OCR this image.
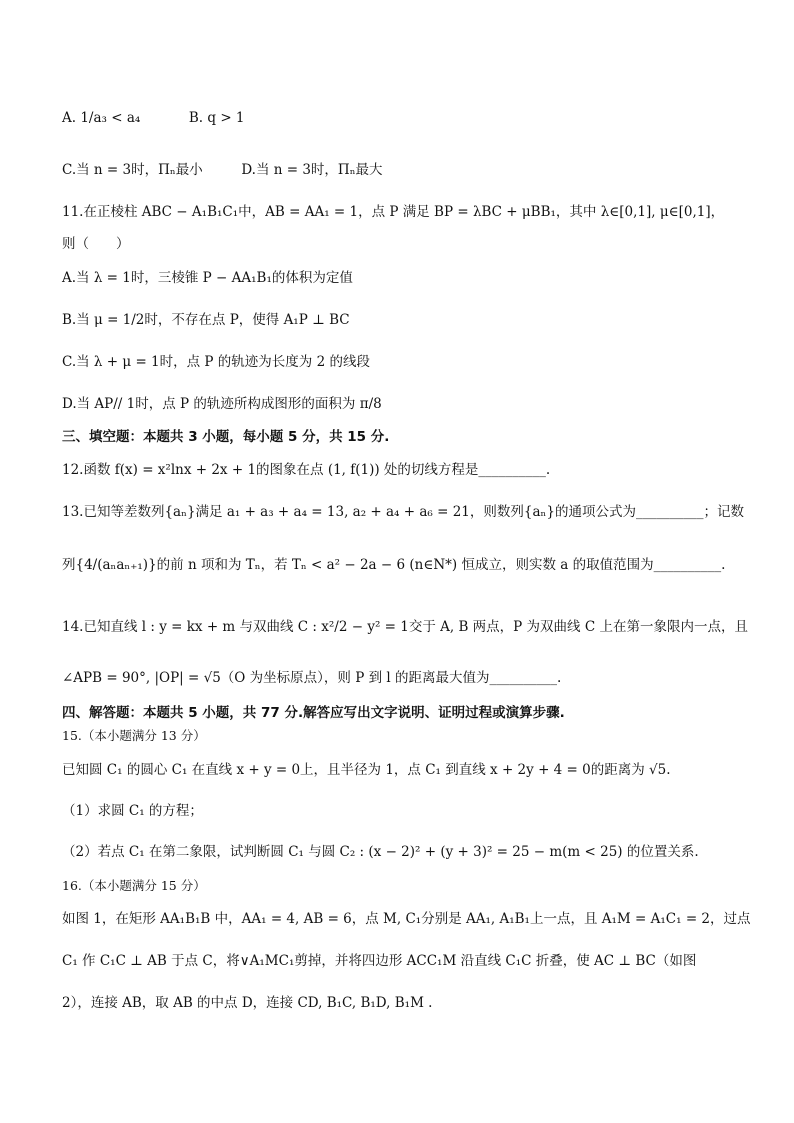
A. 1/a₃ < a₄	B. q > 1
C.当 n = 3时，Πₙ最小	D.当 n = 3时，Πₙ最大
11.在正棱柱 ABC − A₁B₁C₁中，AB = AA₁ = 1，点 P 满足 BP = λBC + μBB₁，其中 λ∈[0,1], μ∈[0,1]，
则（　　）
A.当 λ = 1时，三棱锥 P − AA₁B₁的体积为定值
B.当 μ = 1/2时，不存在点 P，使得 A₁P ⊥ BC
C.当 λ + μ = 1时，点 P 的轨迹为长度为 2 的线段
D.当 AP// 1时，点 P 的轨迹所构成图形的面积为 π/8
三、填空题：本题共 3 小题，每小题 5 分，共 15 分.
12.函数 f(x) = x²lnx + 2x + 1的图象在点 (1, f(1)) 处的切线方程是__________.
13.已知等差数列{aₙ}满足 a₁ + a₃ + a₄ = 13, a₂ + a₄ + a₆ = 21，则数列{aₙ}的通项公式为__________；记数
列{4/(aₙaₙ₊₁)}的前 n 项和为 Tₙ，若 Tₙ < a² − 2a − 6 (n∈N*) 恒成立，则实数 a 的取值范围为__________.
14.已知直线 l : y = kx + m 与双曲线 C : x²/2 − y² = 1交于 A, B 两点，P 为双曲线 C 上在第一象限内一点，且
∠APB = 90°, |OP| = √5（O 为坐标原点），则 P 到 l 的距离最大值为__________.
四、解答题：本题共 5 小题，共 77 分.解答应写出文字说明、证明过程或演算步骤.
15.（本小题满分 13 分）
已知圆 C₁ 的圆心 C₁ 在直线 x + y = 0上，且半径为 1，点 C₁ 到直线 x + 2y + 4 = 0的距离为 √5.
（1）求圆 C₁ 的方程；
（2）若点 C₁ 在第二象限，试判断圆 C₁ 与圆 C₂ : (x − 2)² + (y + 3)² = 25 − m(m < 25) 的位置关系.
16.（本小题满分 15 分）
如图 1，在矩形 AA₁B₁B 中，AA₁ = 4, AB = 6，点 M, C₁分别是 AA₁, A₁B₁上一点，且 A₁M = A₁C₁ = 2，过点
C₁ 作 C₁C ⊥ AB 于点 C，将∨A₁MC₁剪掉，并将四边形 ACC₁M 沿直线 C₁C 折叠，使 AC ⊥ BC（如图
2），连接 AB，取 AB 的中点 D，连接 CD, B₁C, B₁D, B₁M .
